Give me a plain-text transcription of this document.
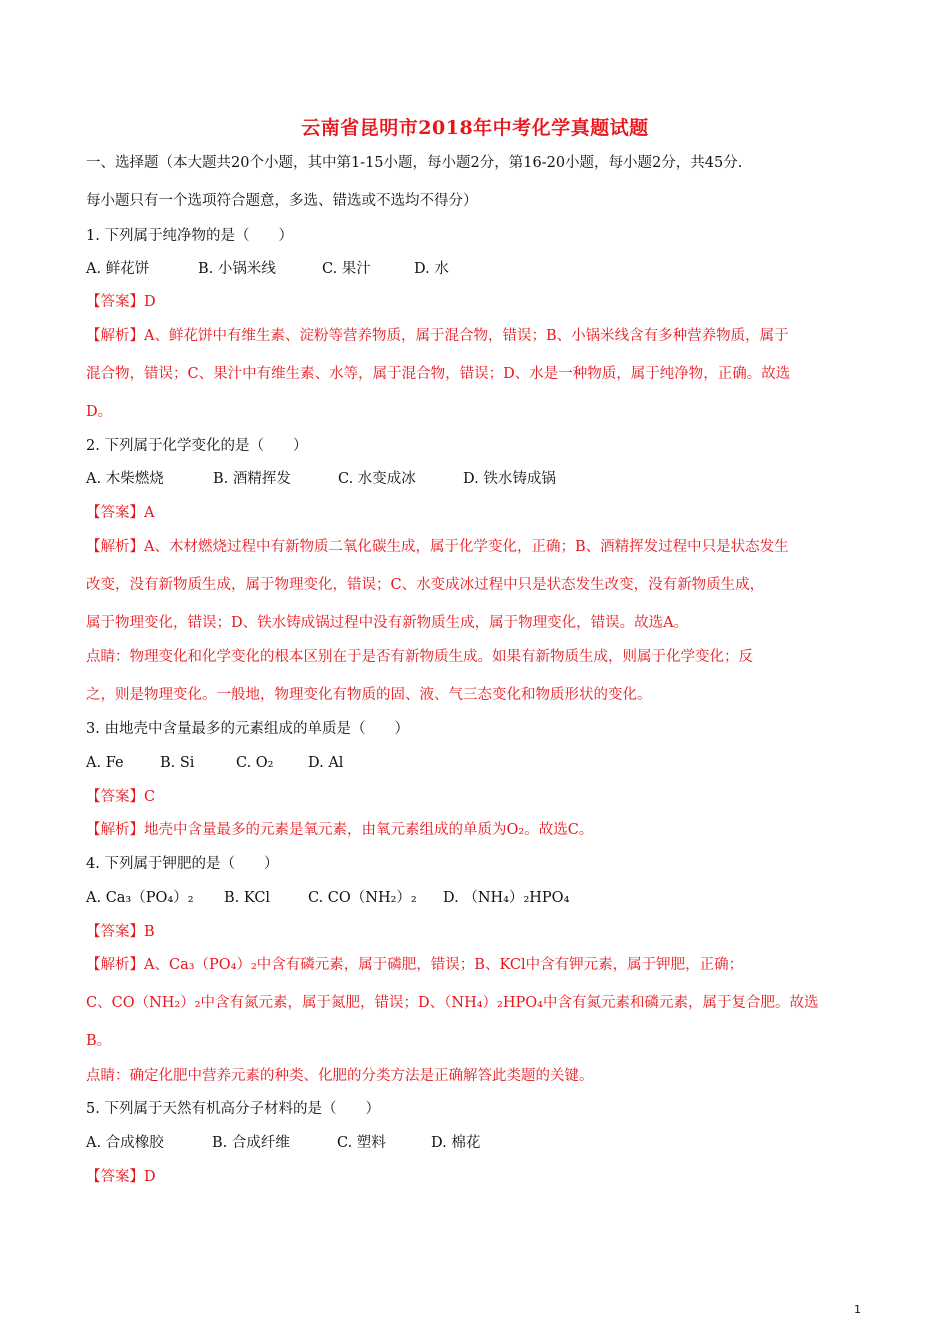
云南省昆明市2018年中考化学真题试题
一、选择题（本大题共20个小题，其中第1-15小题，每小题2分，第16-20小题，每小题2分，共45分.
每小题只有一个选项符合题意，多选、错选或不选均不得分）
1. 下列属于纯净物的是（　　）
A. 鲜花饼	B. 小锅米线	C. 果汁	D. 水
【答案】D
【解析】A、鲜花饼中有维生素、淀粉等营养物质，属于混合物，错误；B、小锅米线含有多种营养物质，属于
混合物，错误；C、果汁中有维生素、水等，属于混合物，错误；D、水是一种物质，属于纯净物，正确。故选
D。
2. 下列属于化学变化的是（　　）
A. 木柴燃烧	B. 酒精挥发	C. 水变成冰	D. 铁水铸成锅
【答案】A
【解析】A、木材燃烧过程中有新物质二氧化碳生成，属于化学变化，正确；B、酒精挥发过程中只是状态发生
改变，没有新物质生成，属于物理变化，错误；C、水变成冰过程中只是状态发生改变，没有新物质生成，
属于物理变化，错误；D、铁水铸成锅过程中没有新物质生成，属于物理变化，错误。故选A。
点睛：物理变化和化学变化的根本区别在于是否有新物质生成。如果有新物质生成，则属于化学变化；反
之，则是物理变化。一般地，物理变化有物质的固、液、气三态变化和物质形状的变化。
3. 由地壳中含量最多的元素组成的单质是（　　）
A. Fe	B. Si	C. O₂ D. Al
【答案】C
【解析】地壳中含量最多的元素是氧元素，由氧元素组成的单质为O₂。故选C。
4. 下列属于钾肥的是（　　）
A. Ca₃（PO₄）₂ B. KCl	C. CO（NH₂）₂ D. （NH₄）₂HPO₄
【答案】B
【解析】A、Ca₃（PO₄）₂中含有磷元素，属于磷肥，错误；B、KCl中含有钾元素，属于钾肥，正确；
C、CO（NH₂）₂中含有氮元素，属于氮肥，错误；D、（NH₄）₂HPO₄中含有氮元素和磷元素，属于复合肥。故选
B。
点睛：确定化肥中营养元素的种类、化肥的分类方法是正确解答此类题的关键。
5. 下列属于天然有机高分子材料的是（　　）
A. 合成橡胶	B. 合成纤维	C. 塑料	D. 棉花
【答案】D
1
